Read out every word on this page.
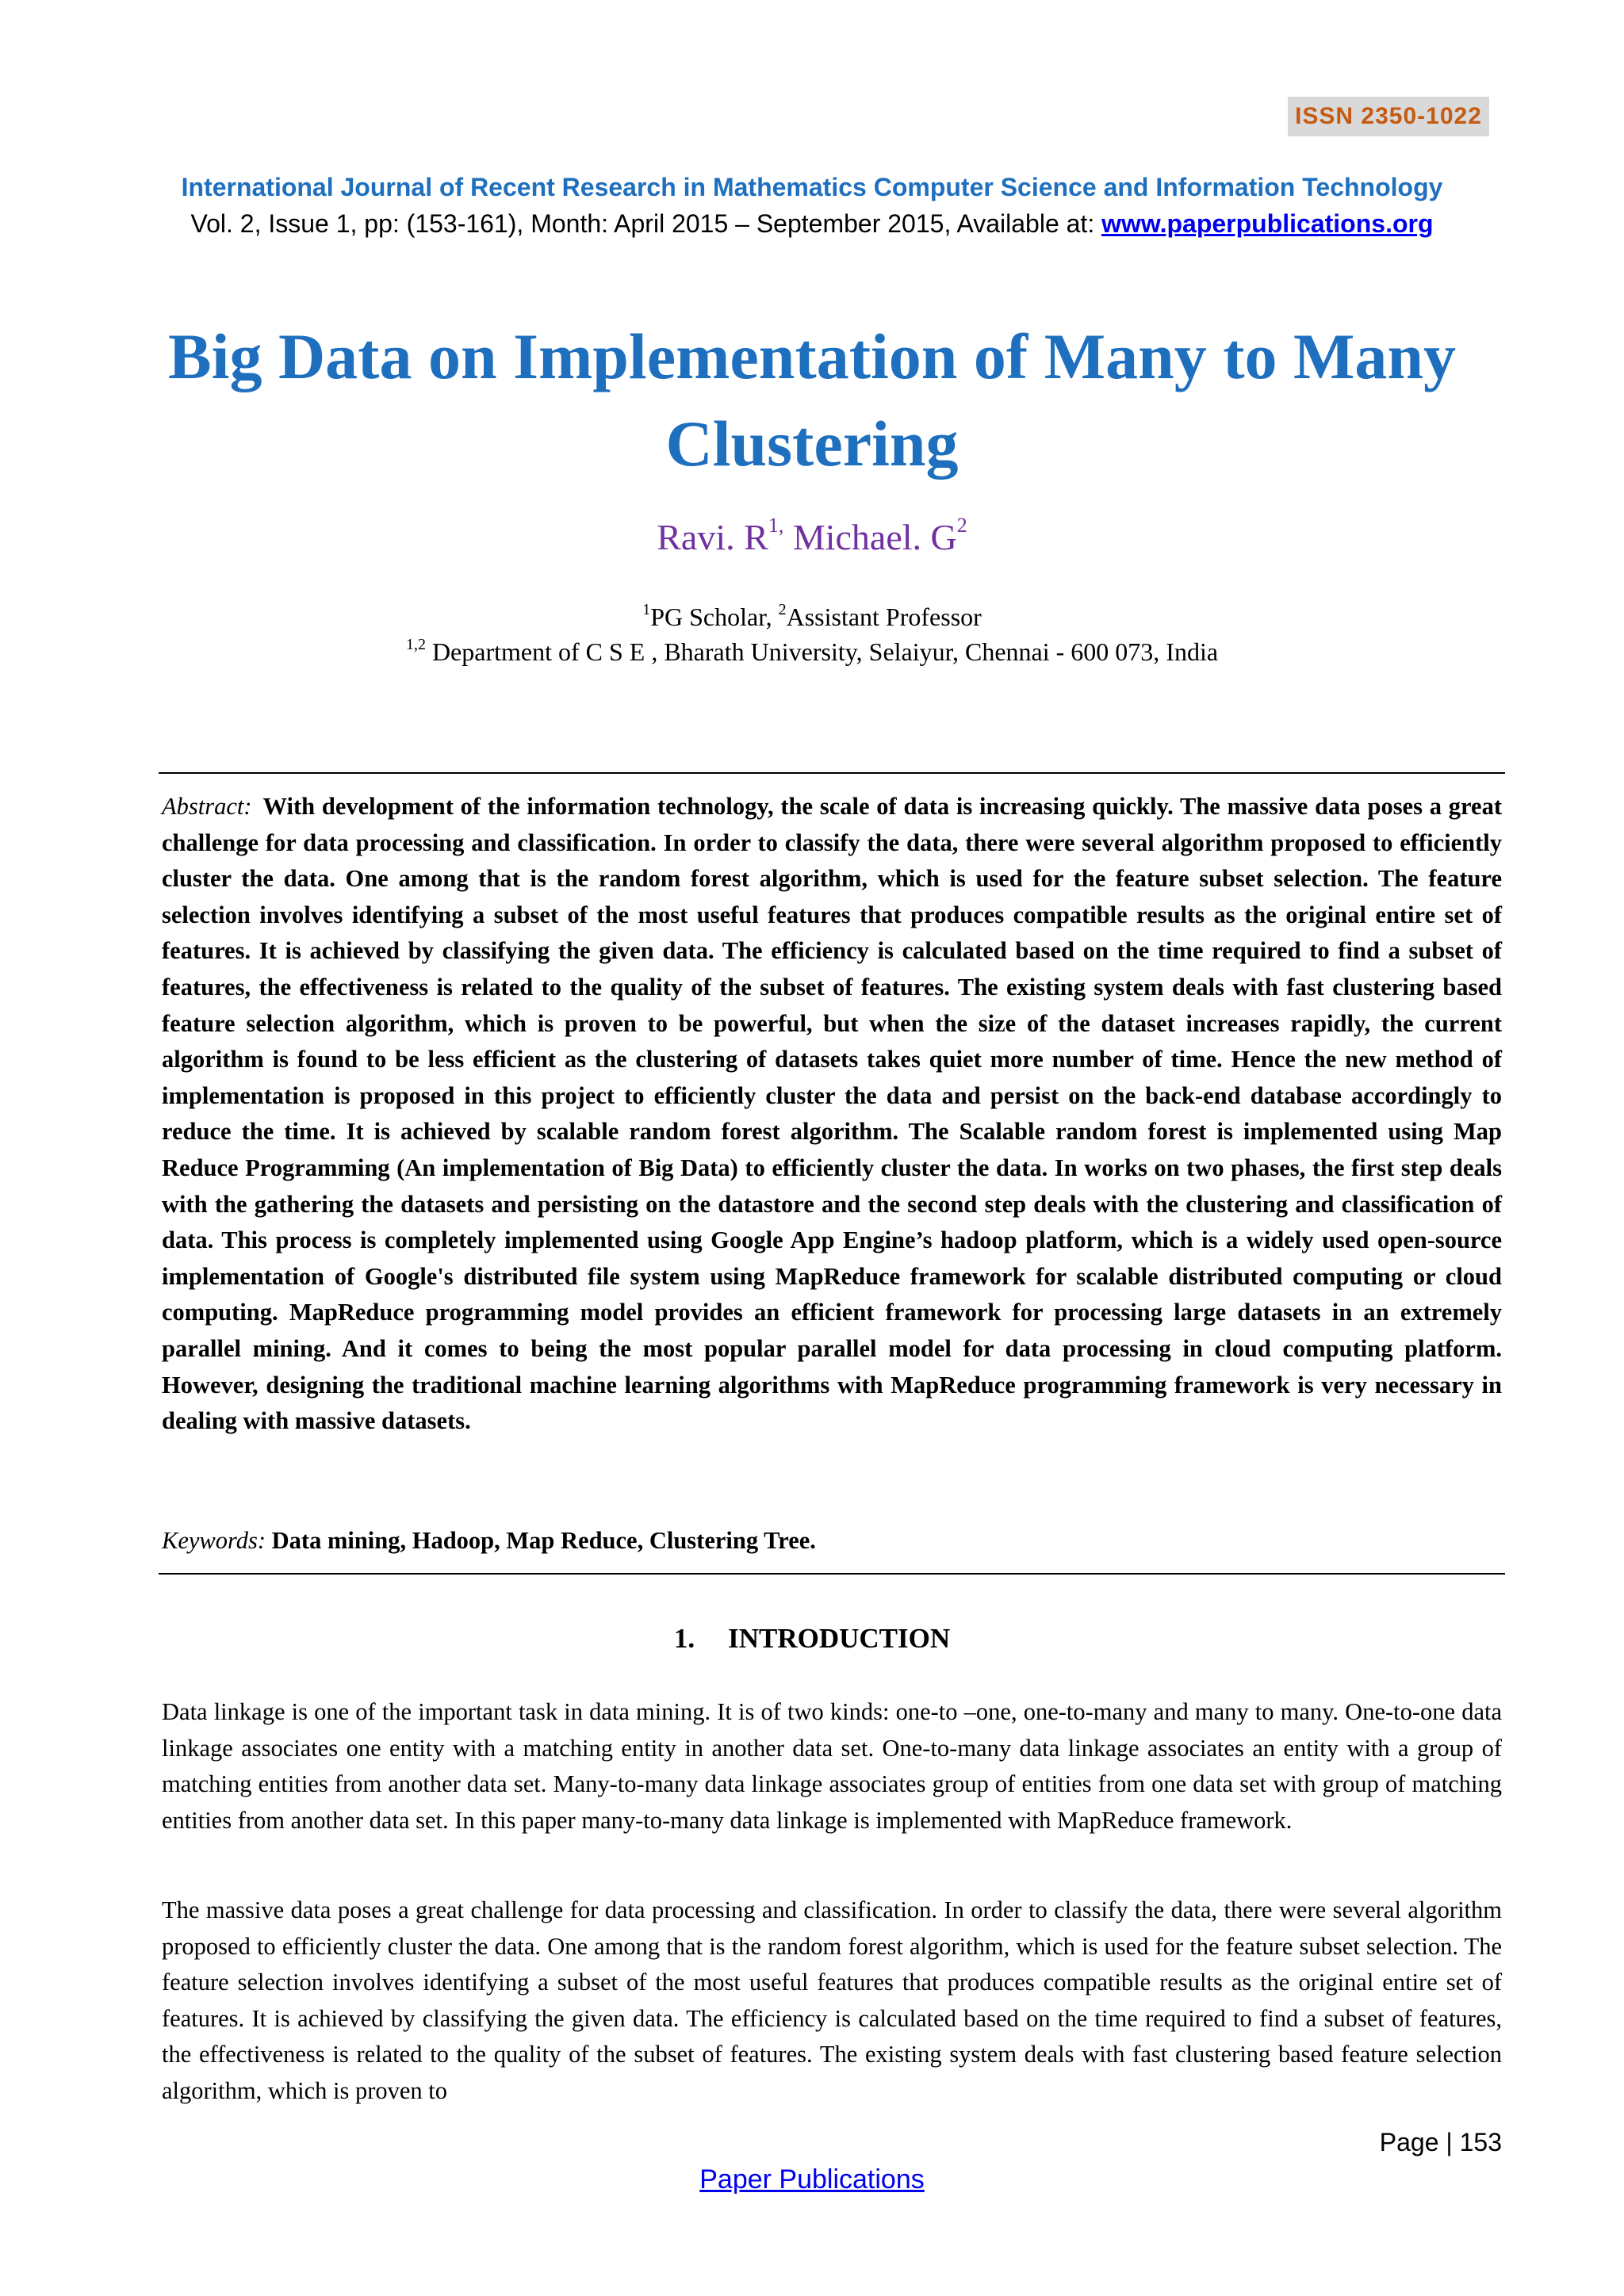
ISSN 2350-1022
International Journal of Recent Research in Mathematics Computer Science and Information Technology
Vol. 2, Issue 1, pp: (153-161), Month: April 2015 – September 2015, Available at: www.paperpublications.org
Big Data on Implementation of Many to Many Clustering
Ravi. $R^{1,}$ Michael. $G^2$
$^1$PG Scholar, $^2$Assistant Professor
$^{1,2}$ Department of C S E , Bharath University, Selaiyur, Chennai - 600 073, India
Abstract: With development of the information technology, the scale of data is increasing quickly. The massive data poses a great challenge for data processing and classification. In order to classify the data, there were several algorithm proposed to efficiently cluster the data. One among that is the random forest algorithm, which is used for the feature subset selection. The feature selection involves identifying a subset of the most useful features that produces compatible results as the original entire set of features. It is achieved by classifying the given data. The efficiency is calculated based on the time required to find a subset of features, the effectiveness is related to the quality of the subset of features. The existing system deals with fast clustering based feature selection algorithm, which is proven to be powerful, but when the size of the dataset increases rapidly, the current algorithm is found to be less efficient as the clustering of datasets takes quiet more number of time. Hence the new method of implementation is proposed in this project to efficiently cluster the data and persist on the back-end database accordingly to reduce the time. It is achieved by scalable random forest algorithm. The Scalable random forest is implemented using Map Reduce Programming (An implementation of Big Data) to efficiently cluster the data. In works on two phases, the first step deals with the gathering the datasets and persisting on the datastore and the second step deals with the clustering and classification of data. This process is completely implemented using Google App Engine’s hadoop platform, which is a widely used open-source implementation of Google's distributed file system using MapReduce framework for scalable distributed computing or cloud computing. MapReduce programming model provides an efficient framework for processing large datasets in an extremely parallel mining. And it comes to being the most popular parallel model for data processing in cloud computing platform. However, designing the traditional machine learning algorithms with MapReduce programming framework is very necessary in dealing with massive datasets.
Keywords: Data mining, Hadoop, Map Reduce, Clustering Tree.
1. INTRODUCTION
Data linkage is one of the important task in data mining. It is of two kinds: one-to –one, one-to-many and many to many. One-to-one data linkage associates one entity with a matching entity in another data set. One-to-many data linkage associates an entity with a group of matching entities from another data set. Many-to-many data linkage associates group of entities from one data set with group of matching entities from another data set. In this paper many-to-many data linkage is implemented with MapReduce framework.
The massive data poses a great challenge for data processing and classification. In order to classify the data, there were several algorithm proposed to efficiently cluster the data. One among that is the random forest algorithm, which is used for the feature subset selection. The feature selection involves identifying a subset of the most useful features that produces compatible results as the original entire set of features. It is achieved by classifying the given data. The efficiency is calculated based on the time required to find a subset of features, the effectiveness is related to the quality of the subset of features. The existing system deals with fast clustering based feature selection algorithm, which is proven to
Page | 153
Paper Publications
